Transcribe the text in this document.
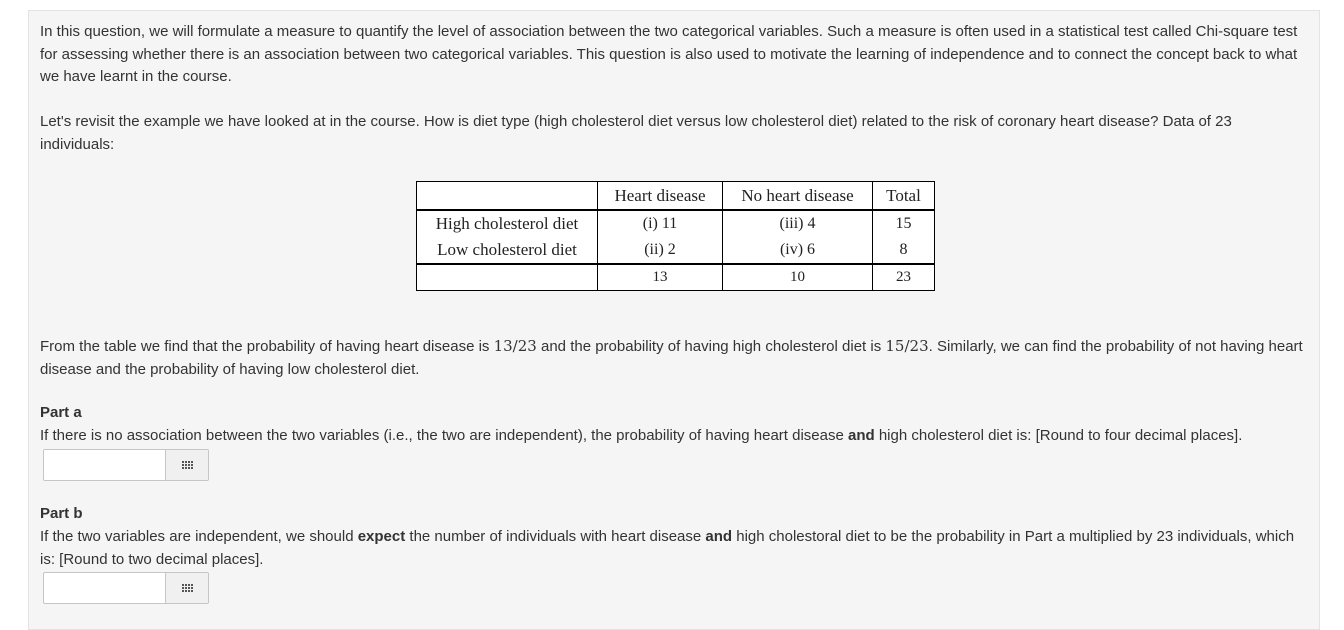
In this question, we will formulate a measure to quantify the level of association between the two categorical variables. Such a measure is often used in a statistical test called Chi-square test for assessing whether there is an association between two categorical variables. This question is also used to motivate the learning of independence and to connect the concept back to what we have learnt in the course.

Let's revisit the example we have looked at in the course. How is diet type (high cholesterol diet versus low cholesterol diet) related to the risk of coronary heart disease? Data of 23 individuals:

	Heart disease	No heart disease	Total
High cholesterol diet	(i) 11	(iii) 4	15
Low cholesterol diet	(ii) 2	(iv) 6	8
	13	10	23

From the table we find that the probability of having heart disease is 13/23 and the probability of having high cholesterol diet is 15/23. Similarly, we can find the probability of not having heart disease and the probability of having low cholesterol diet.

Part a

If there is no association between the two variables (i.e., the two are independent), the probability of having heart disease and high cholesterol diet is: [Round to four decimal places].

Part b

If the two variables are independent, we should expect the number of individuals with heart disease and high cholestoral diet to be the probability in Part a multiplied by 23 individuals, which is: [Round to two decimal places].
